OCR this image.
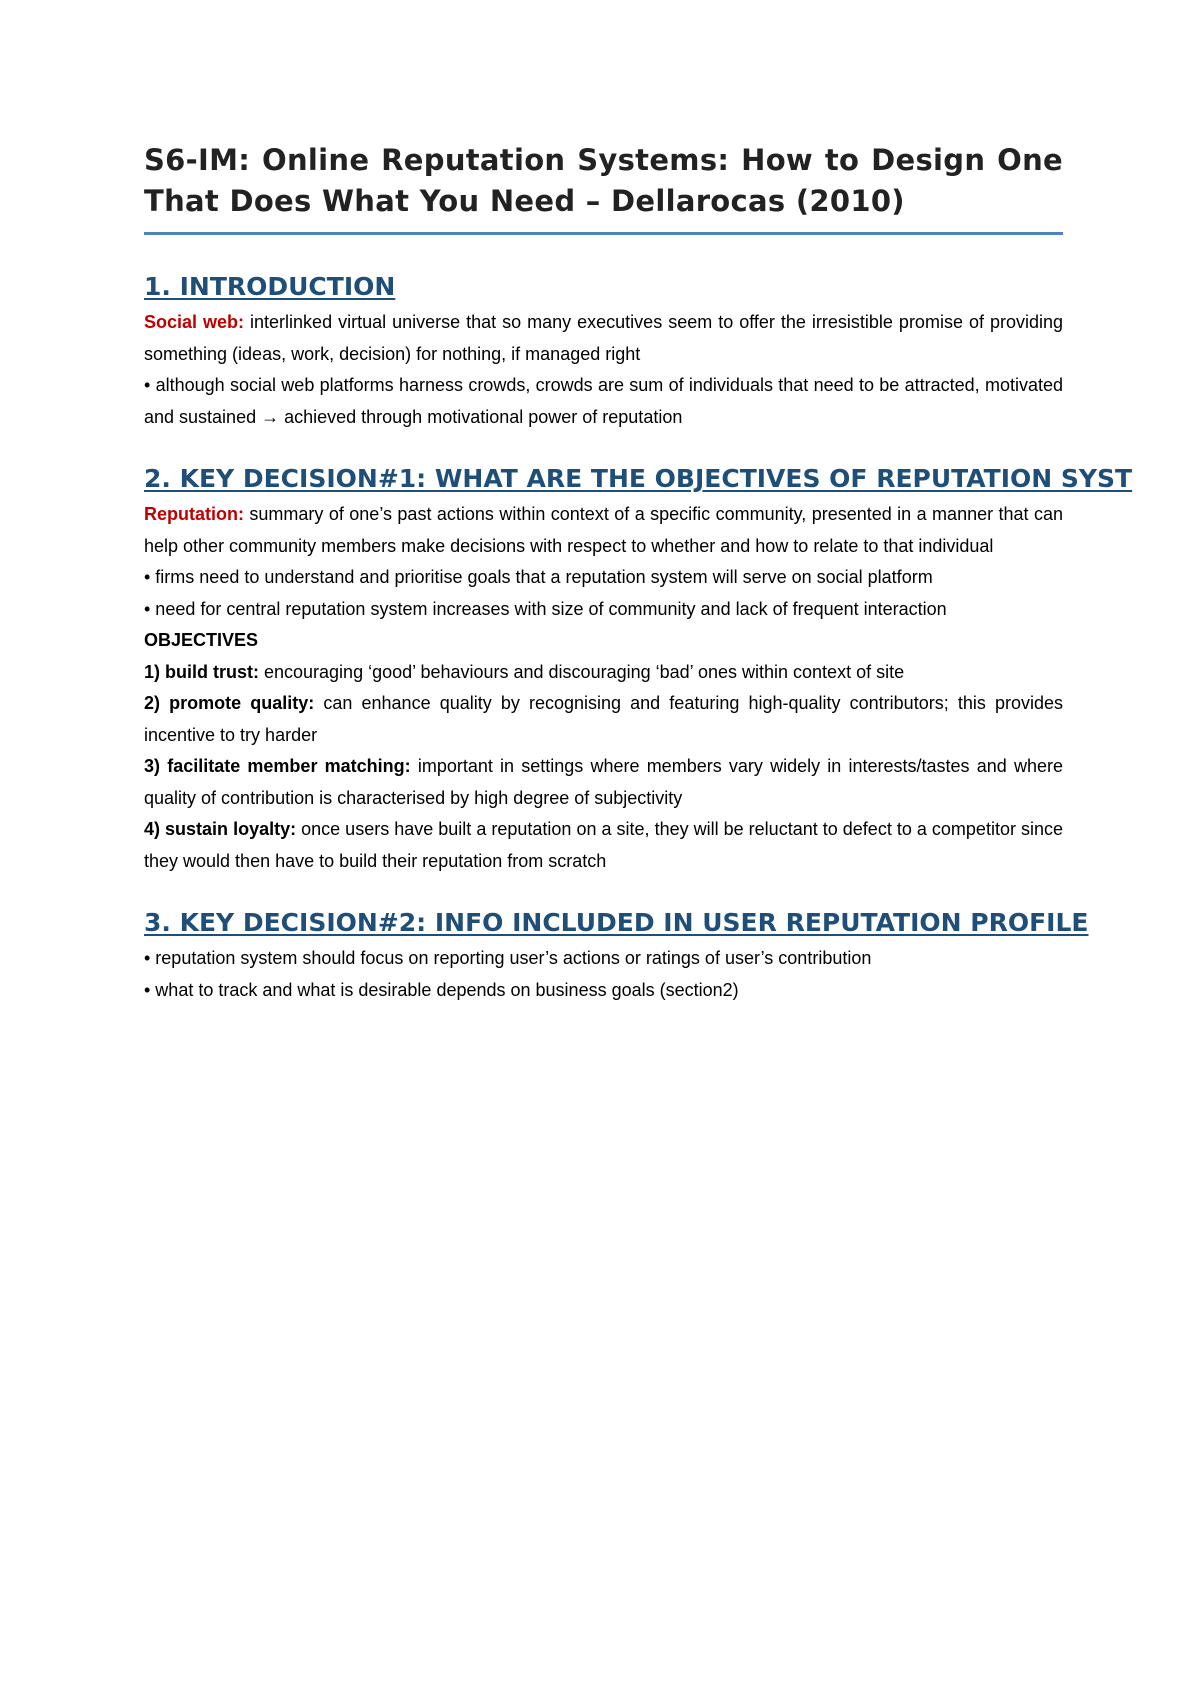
S6-IM: Online Reputation Systems: How to Design One That Does What You Need – Dellarocas (2010)
1. INTRODUCTION

Social web: interlinked virtual universe that so many executives seem to offer the irresistible promise of providing something (ideas, work, decision) for nothing, if managed right

• although social web platforms harness crowds, crowds are sum of individuals that need to be attracted, motivated and sustained → achieved through motivational power of reputation

2. KEY DECISION#1: WHAT ARE THE OBJECTIVES OF REPUTATION SYST

Reputation: summary of one’s past actions within context of a specific community, presented in a manner that can help other community members make decisions with respect to whether and how to relate to that individual

• firms need to understand and prioritise goals that a reputation system will serve on social platform

• need for central reputation system increases with size of community and lack of frequent interaction

OBJECTIVES

1) build trust: encouraging ‘good’ behaviours and discouraging ‘bad’ ones within context of site

2) promote quality: can enhance quality by recognising and featuring high-quality contributors; this provides incentive to try harder

3) facilitate member matching: important in settings where members vary widely in interests/tastes and where quality of contribution is characterised by high degree of subjectivity

4) sustain loyalty: once users have built a reputation on a site, they will be reluctant to defect to a competitor since they would then have to build their reputation from scratch

3. KEY DECISION#2: INFO INCLUDED IN USER REPUTATION PROFILE

• reputation system should focus on reporting user’s actions or ratings of user’s contribution

• what to track and what is desirable depends on business goals (section2)
